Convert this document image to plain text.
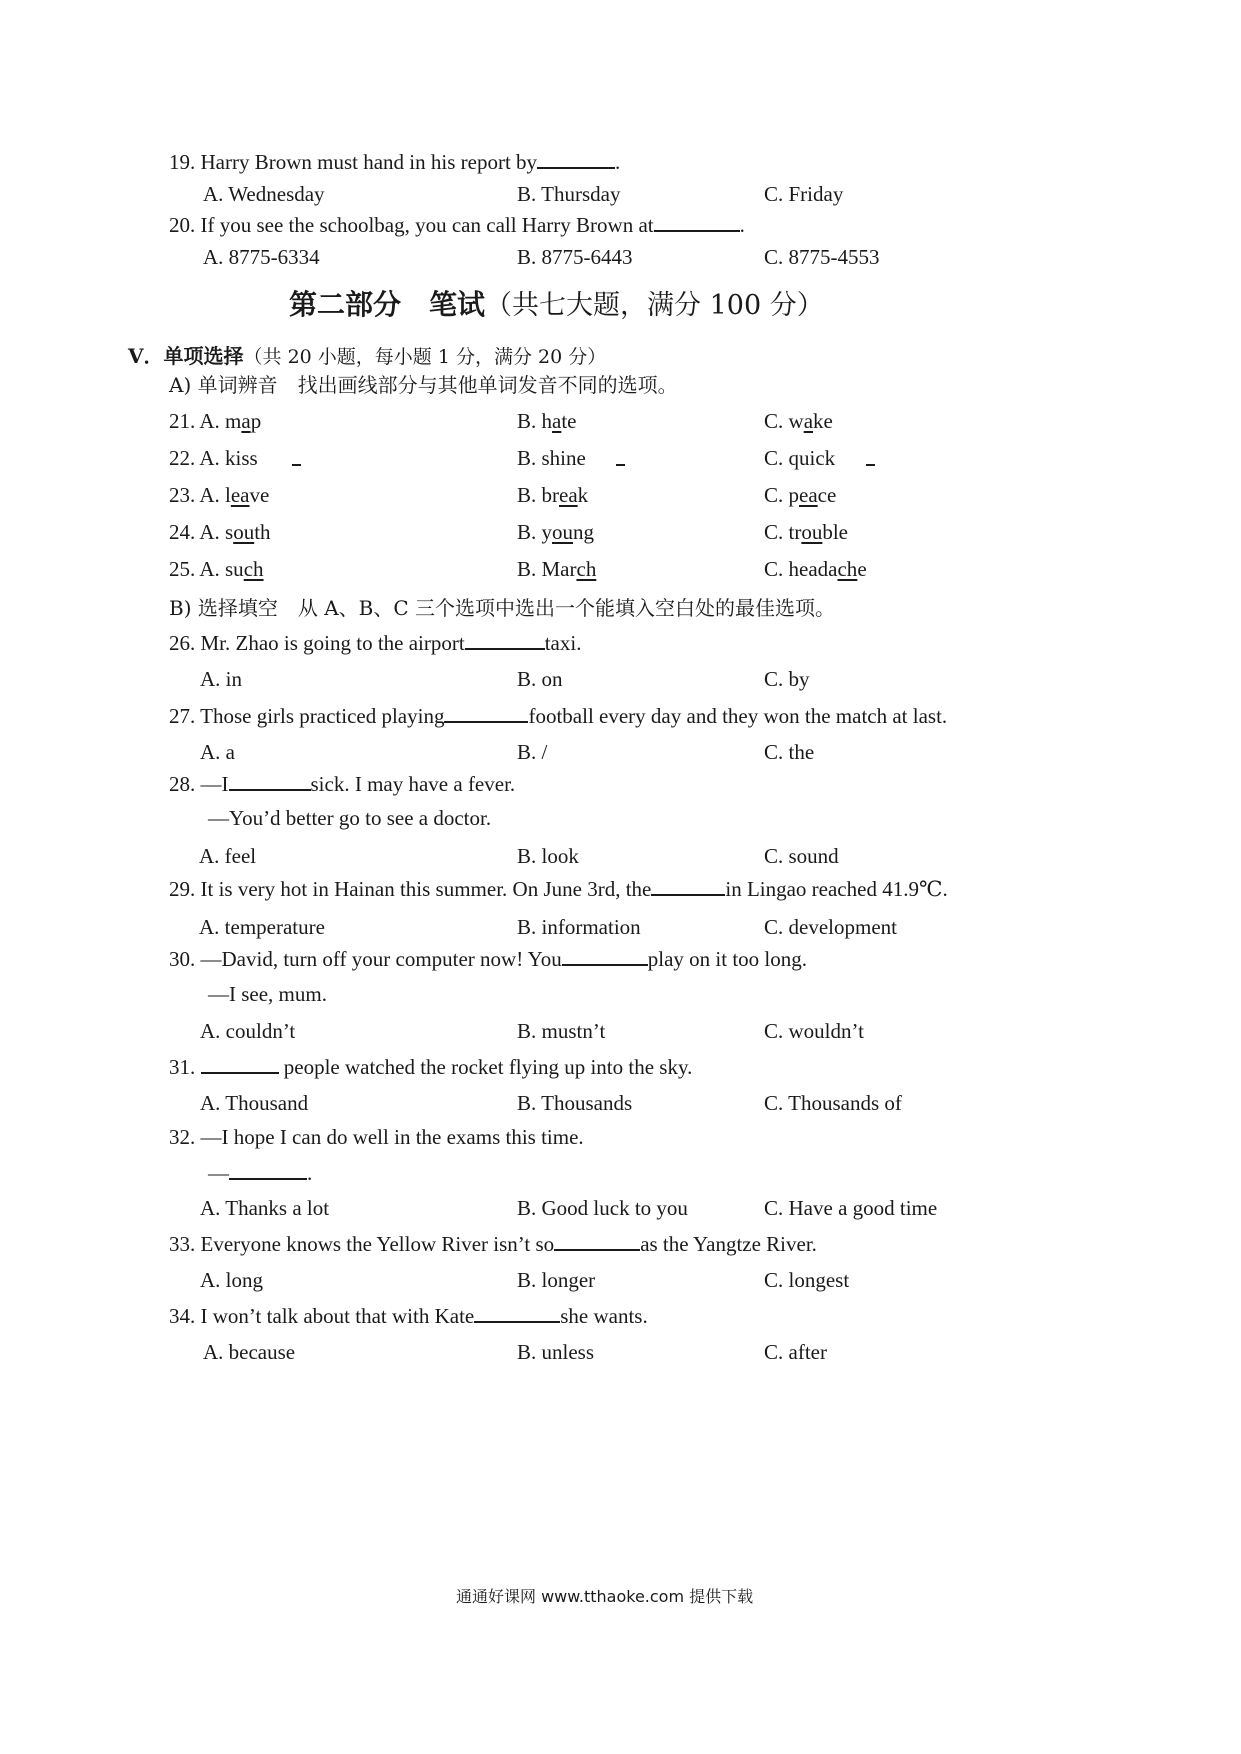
19. Harry Brown must hand in his report by	.
A. Wednesday	B. Thursday	C. Friday
20. If you see the schoolbag, you can call Harry Brown at	.
A. 8775-6334	B. 8775-6443	C. 8775-4553
第二部分　笔试（共七大题，满分 100 分）
Ⅴ．单项选择（共 20 小题，每小题 1 分，满分 20 分）
A) 单词辨音　找出画线部分与其他单词发音不同的选项。
21. A. map	B. hate	C. wake
22. A. kiss	B. shine	C. quick
23. A. leave	B. break	C. peace
24. A. south	B. young	C. trouble
25. A. such	B. March	C. headache
B) 选择填空　从 A、B、C 三个选项中选出一个能填入空白处的最佳选项。
26. Mr. Zhao is going to the airport	taxi.
A. in	B. on	C. by
27. Those girls practiced playing	football every day and they won the match at last.
A. a	B. /	C. the
28. —I	sick. I may have a fever.
—You’d better go to see a doctor.
A. feel	B. look	C. sound
29. It is very hot in Hainan this summer. On June 3rd, the	in Lingao reached 41.9℃.
A. temperature	B. information	C. development
30. —David, turn off your computer now! You	play on it too long.
—I see, mum.
A. couldn’t	B. mustn’t	C. wouldn’t
31.	people watched the rocket flying up into the sky.
A. Thousand	B. Thousands	C. Thousands of
32. —I hope I can do well in the exams this time.
—	.
A. Thanks a lot	B. Good luck to you	C. Have a good time
33. Everyone knows the Yellow River isn’t so	as the Yangtze River.
A. long	B. longer	C. longest
34. I won’t talk about that with Kate	she wants.
A. because	B. unless	C. after
通通好课网 www.tthaoke.com 提供下载
